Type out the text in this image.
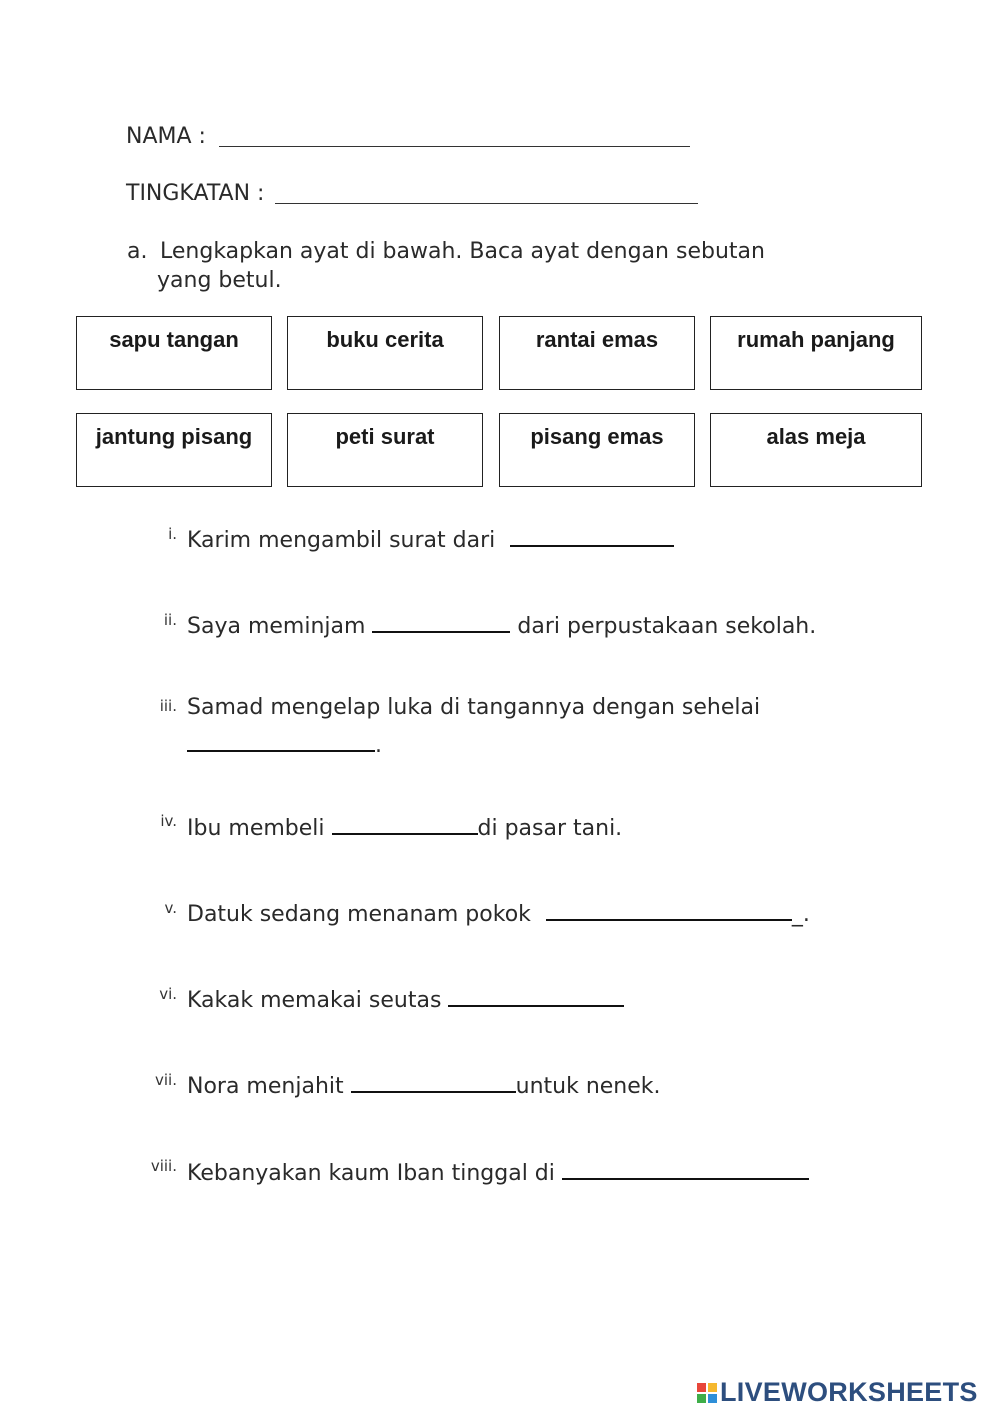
NAMA :
TINGKATAN :
a. Lengkapkan ayat di bawah. Baca ayat dengan sebutan
yang betul.
sapu tangan	buku cerita	rantai emas	rumah panjang
jantung pisang	peti surat	pisang emas	alas meja
i. Karim mengambil surat dari
ii. Saya meminjam	dari perpustakaan sekolah.
iii. Samad mengelap luka di tangannya dengan sehelai
.
iv. Ibu membeli	di pasar tani.
v. Datuk sedang menanam pokok	_.
vi. Kakak memakai seutas
vii. Nora menjahit	untuk nenek.
viii. Kebanyakan kaum Iban tinggal di
LIVEWORKSHEETS
